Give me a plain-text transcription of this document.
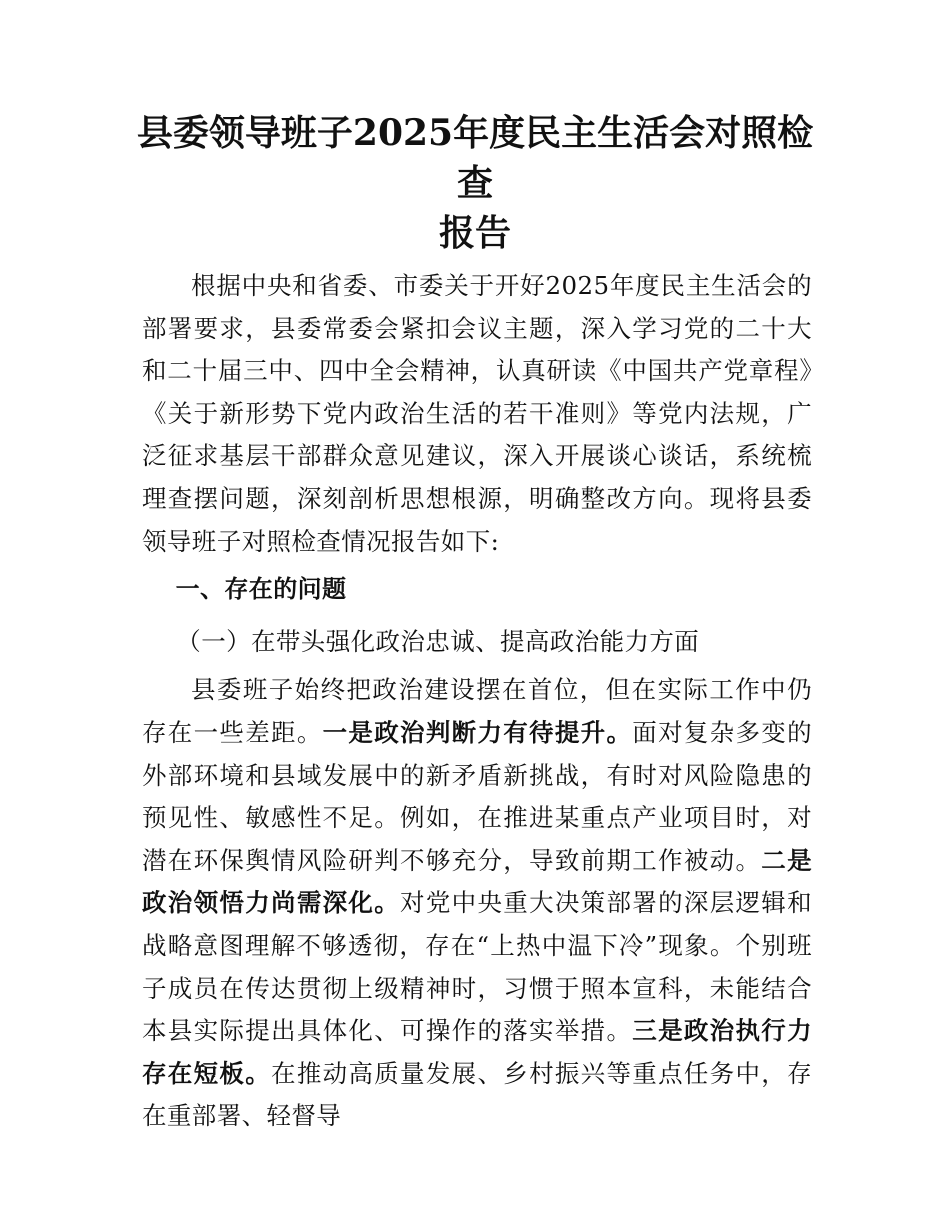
县委领导班子2025年度民主生活会对照检查
报告

根据中央和省委、市委关于开好2025年度民主生活会的部署要求，县委常委会紧扣会议主题，深入学习党的二十大和二十届三中、四中全会精神，认真研读《中国共产党章程》《关于新形势下党内政治生活的若干准则》等党内法规，广泛征求基层干部群众意见建议，深入开展谈心谈话，系统梳理查摆问题，深刻剖析思想根源，明确整改方向。现将县委领导班子对照检查情况报告如下:

一、存在的问题

（一）在带头强化政治忠诚、提高政治能力方面

县委班子始终把政治建设摆在首位，但在实际工作中仍存在一些差距。一是政治判断力有待提升。面对复杂多变的外部环境和县域发展中的新矛盾新挑战，有时对风险隐患的预见性、敏感性不足。例如，在推进某重点产业项目时，对潜在环保舆情风险研判不够充分，导致前期工作被动。二是政治领悟力尚需深化。对党中央重大决策部署的深层逻辑和战略意图理解不够透彻，存在“上热中温下冷”现象。个别班子成员在传达贯彻上级精神时，习惯于照本宣科，未能结合本县实际提出具体化、可操作的落实举措。三是政治执行力存在短板。在推动高质量发展、乡村振兴等重点任务中，存在重部署、轻督导
